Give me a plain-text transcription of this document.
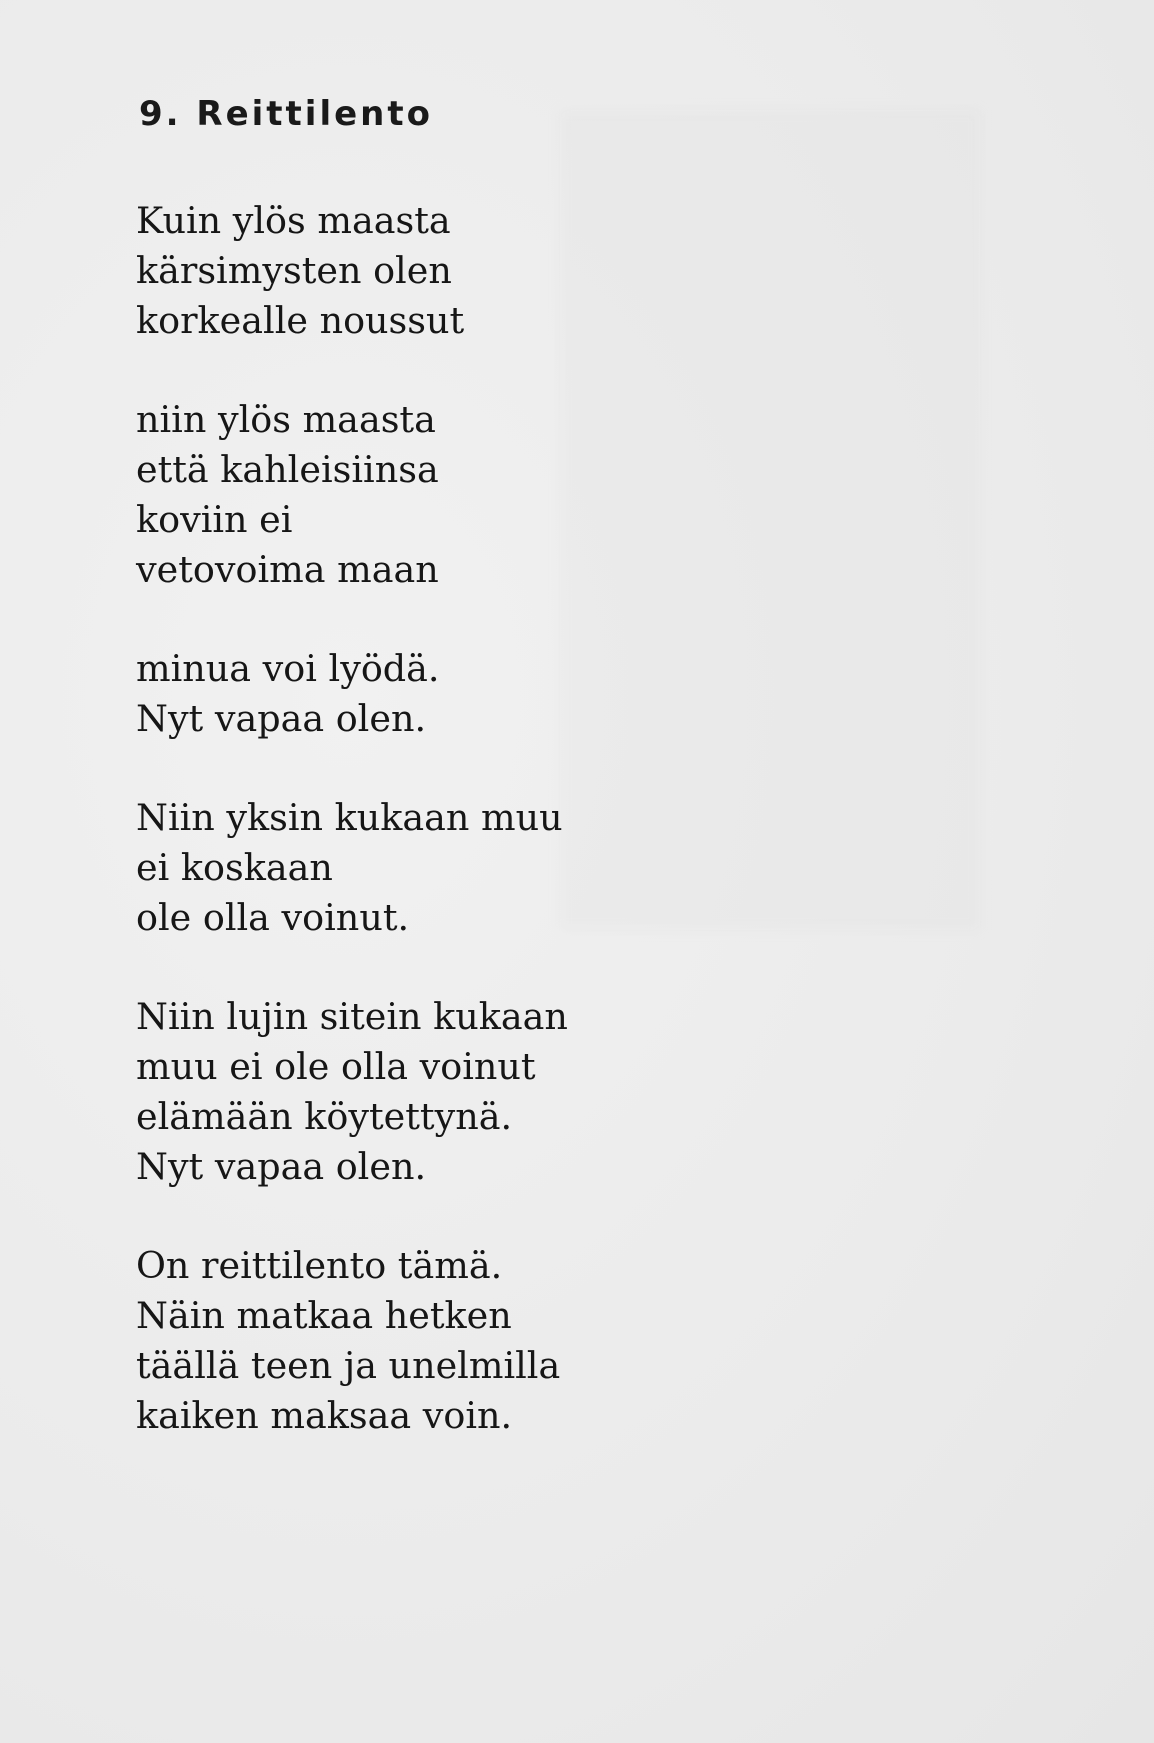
9. Reittilento
Kuin ylös maasta
kärsimysten olen
korkealle noussut
niin ylös maasta
että kahleisiinsa
koviin ei
vetovoima maan
minua voi lyödä.
Nyt vapaa olen.
Niin yksin kukaan muu
ei koskaan
ole olla voinut.
Niin lujin sitein kukaan
muu ei ole olla voinut
elämään köytettynä.
Nyt vapaa olen.
On reittilento tämä.
Näin matkaa hetken
täällä teen ja unelmilla
kaiken maksaa voin.
